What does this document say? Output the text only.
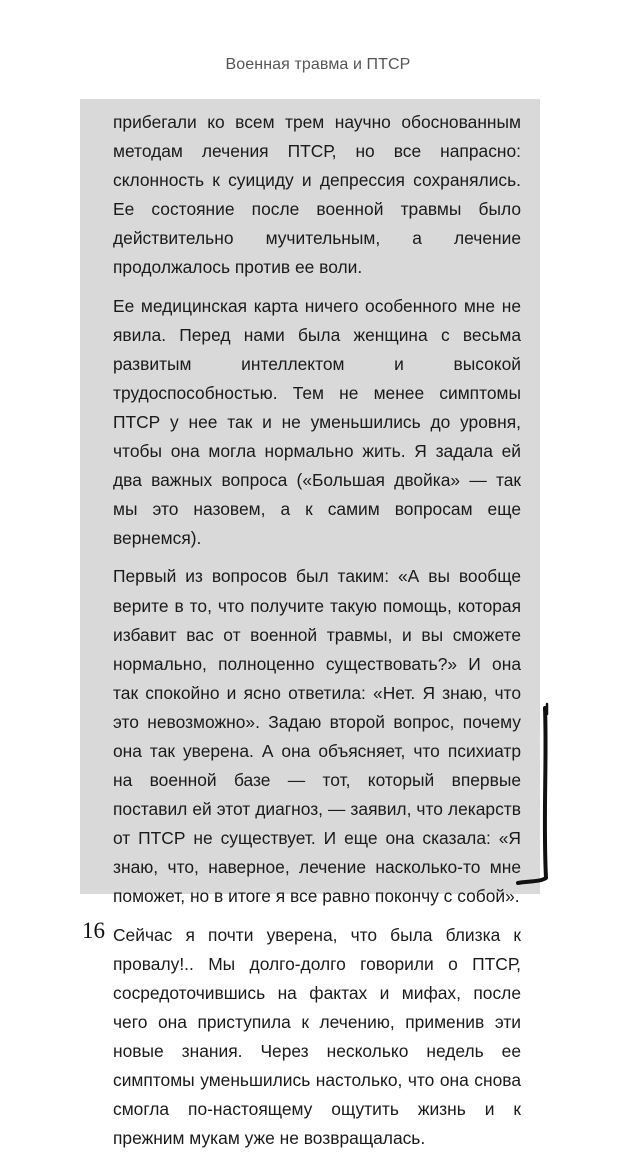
Военная травма и ПТСР

прибегали ко всем трем научно обоснованным методам лечения ПТСР, но все напрасно: склонность к суициду и депрессия сохранялись. Ее состояние после военной травмы было действительно мучительным, а лечение продолжалось против ее воли.

Ее медицинская карта ничего особенного мне не явила. Перед нами была женщина с весьма развитым интеллектом и высокой трудоспособностью. Тем не менее симптомы ПТСР у нее так и не уменьшились до уровня, чтобы она могла нормально жить. Я задала ей два важных вопроса («Большая двойка» — так мы это назовем, а к самим вопросам еще вернемся).

Первый из вопросов был таким: «А вы вообще верите в то, что получите такую помощь, которая избавит вас от военной травмы, и вы сможете нормально, полноценно существовать?» И она так спокойно и ясно ответила: «Нет. Я знаю, что это невозможно». Задаю второй вопрос, почему она так уверена. А она объясняет, что психиатр на военной базе — тот, который впервые поставил ей этот диагноз, — заявил, что лекарств от ПТСР не существует. И еще она сказала: «Я знаю, что, наверное, лечение насколько-то мне поможет, но в итоге я все равно покончу с собой».

Сейчас я почти уверена, что была близка к провалу!.. Мы долго-долго говорили о ПТСР, сосредоточившись на фактах и мифах, после чего она приступила к лечению, применив эти новые знания. Через несколько недель ее симптомы уменьшились настолько, что она снова смогла по-настоящему ощутить жизнь и к прежним мукам уже не возвращалась.

16
